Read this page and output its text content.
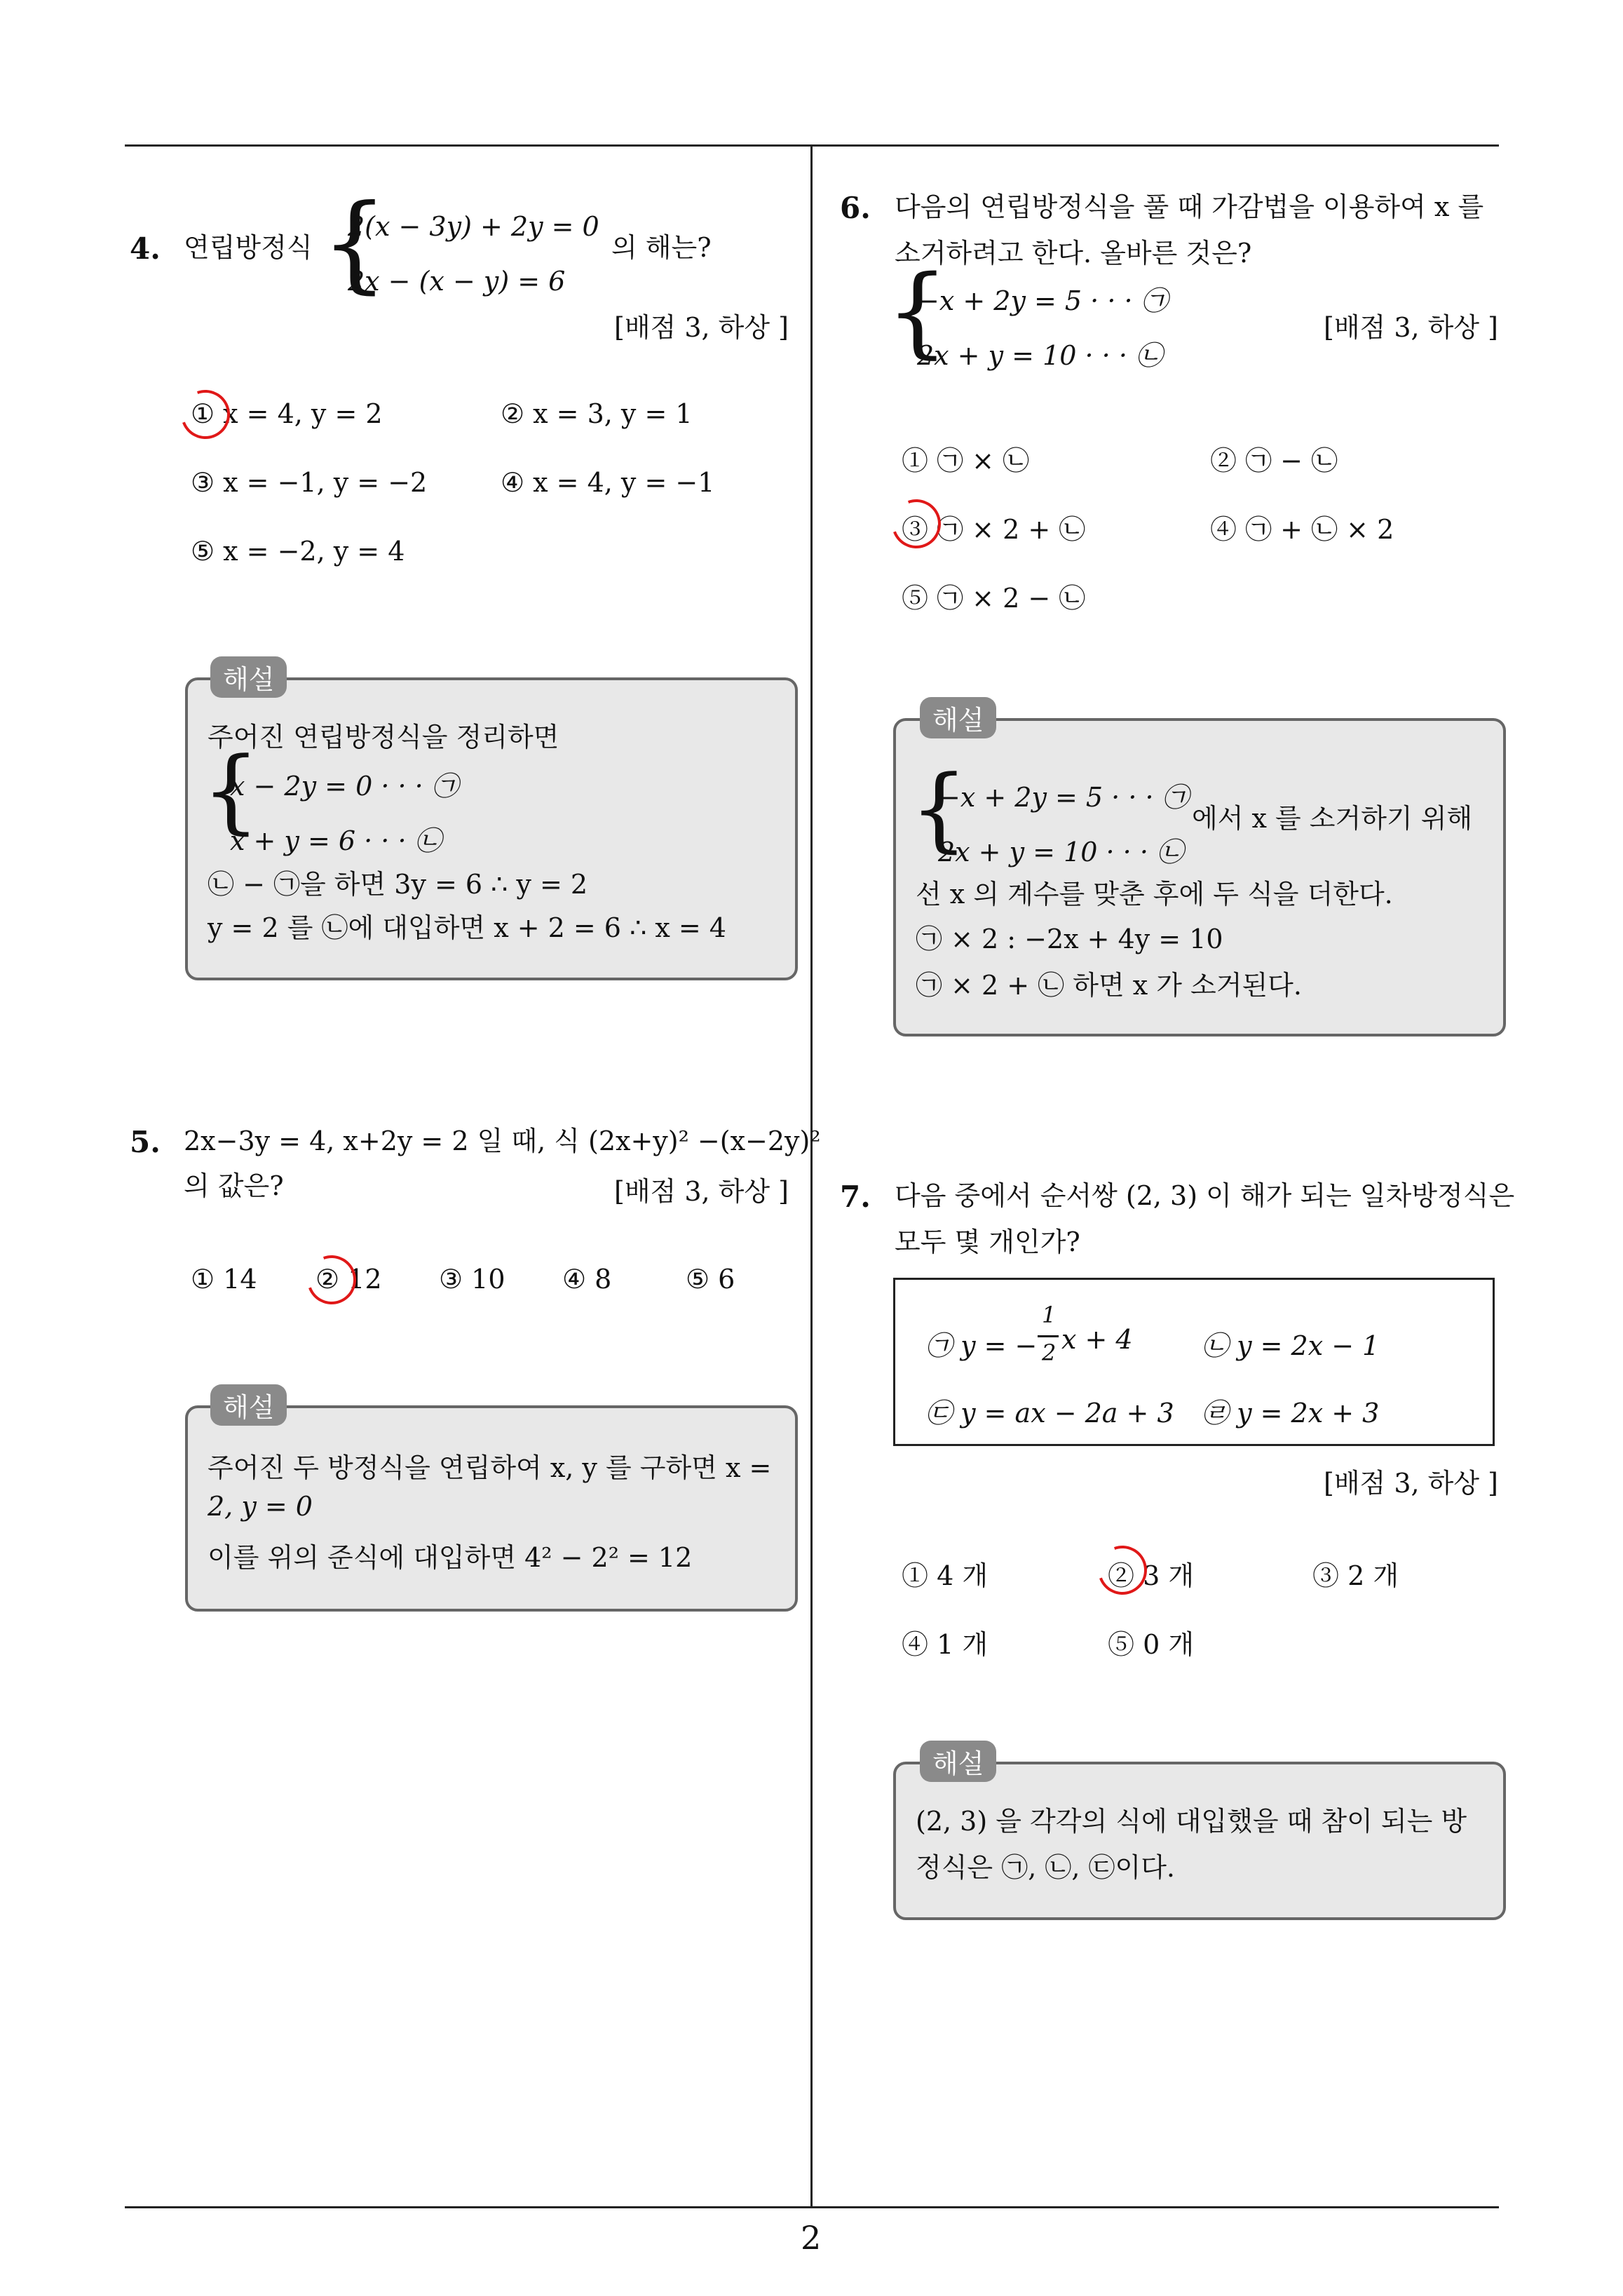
2
4. 연립방정식 {
2(x − 3y) + 2y = 0
2x − (x − y) = 6
의 해는?
[배점 3, 하상 ]
① x = 4, y = 2	② x = 3, y = 1
③ x = −1, y = −2	④ x = 4, y = −1
⑤ x = −2, y = 4
해설
주어진 연립방정식을 정리하면
{
x − 2y = 0 · · · ㉠
x + y = 6 · · · ㉡
㉡ − ㉠을 하면 3y = 6 ∴ y = 2
y = 2 를 ㉡에 대입하면 x + 2 = 6 ∴ x = 4
5. 2x−3y = 4, x+2y = 2 일 때, 식 (2x+y)² −(x−2y)²
의 값은?	[배점 3, 하상 ]
① 14 ② 12 ③ 10 ④ 8	⑤ 6
해설
주어진 두 방정식을 연립하여 x, y 를 구하면 x =
2, y = 0
이를 위의 준식에 대입하면 4² − 2² = 12
6. 다음의 연립방정식을 풀 때 가감법을 이용하여 x 를
소거하려고 한다. 올바른 것은?
{
−x + 2y = 5 · · · ㉠
2x + y = 10 · · · ㉡
[배점 3, 하상 ]
① ㉠ × ㉡	② ㉠ − ㉡
③ ㉠ × 2 + ㉡	④ ㉠ + ㉡ × 2
⑤ ㉠ × 2 − ㉡
해설
{
−x + 2y = 5 · · · ㉠
2x + y = 10 · · · ㉡
에서 x 를 소거하기 위해
선 x 의 계수를 맞춘 후에 두 식을 더한다.
㉠ × 2 : −2x + 4y = 10
㉠ × 2 + ㉡ 하면 x 가 소거된다.
7. 다음 중에서 순서쌍 (2, 3) 이 해가 되는 일차방정식은
모두 몇 개인가?
㉠ y = −
1
2 x + 4	㉡ y = 2x − 1
㉢ y = ax − 2a + 3 ㉣ y = 2x + 3
[배점 3, 하상 ]
① 4 개	② 3 개	③ 2 개
④ 1 개	⑤ 0 개
해설
(2, 3) 을 각각의 식에 대입했을 때 참이 되는 방
정식은 ㉠, ㉡, ㉢이다.
